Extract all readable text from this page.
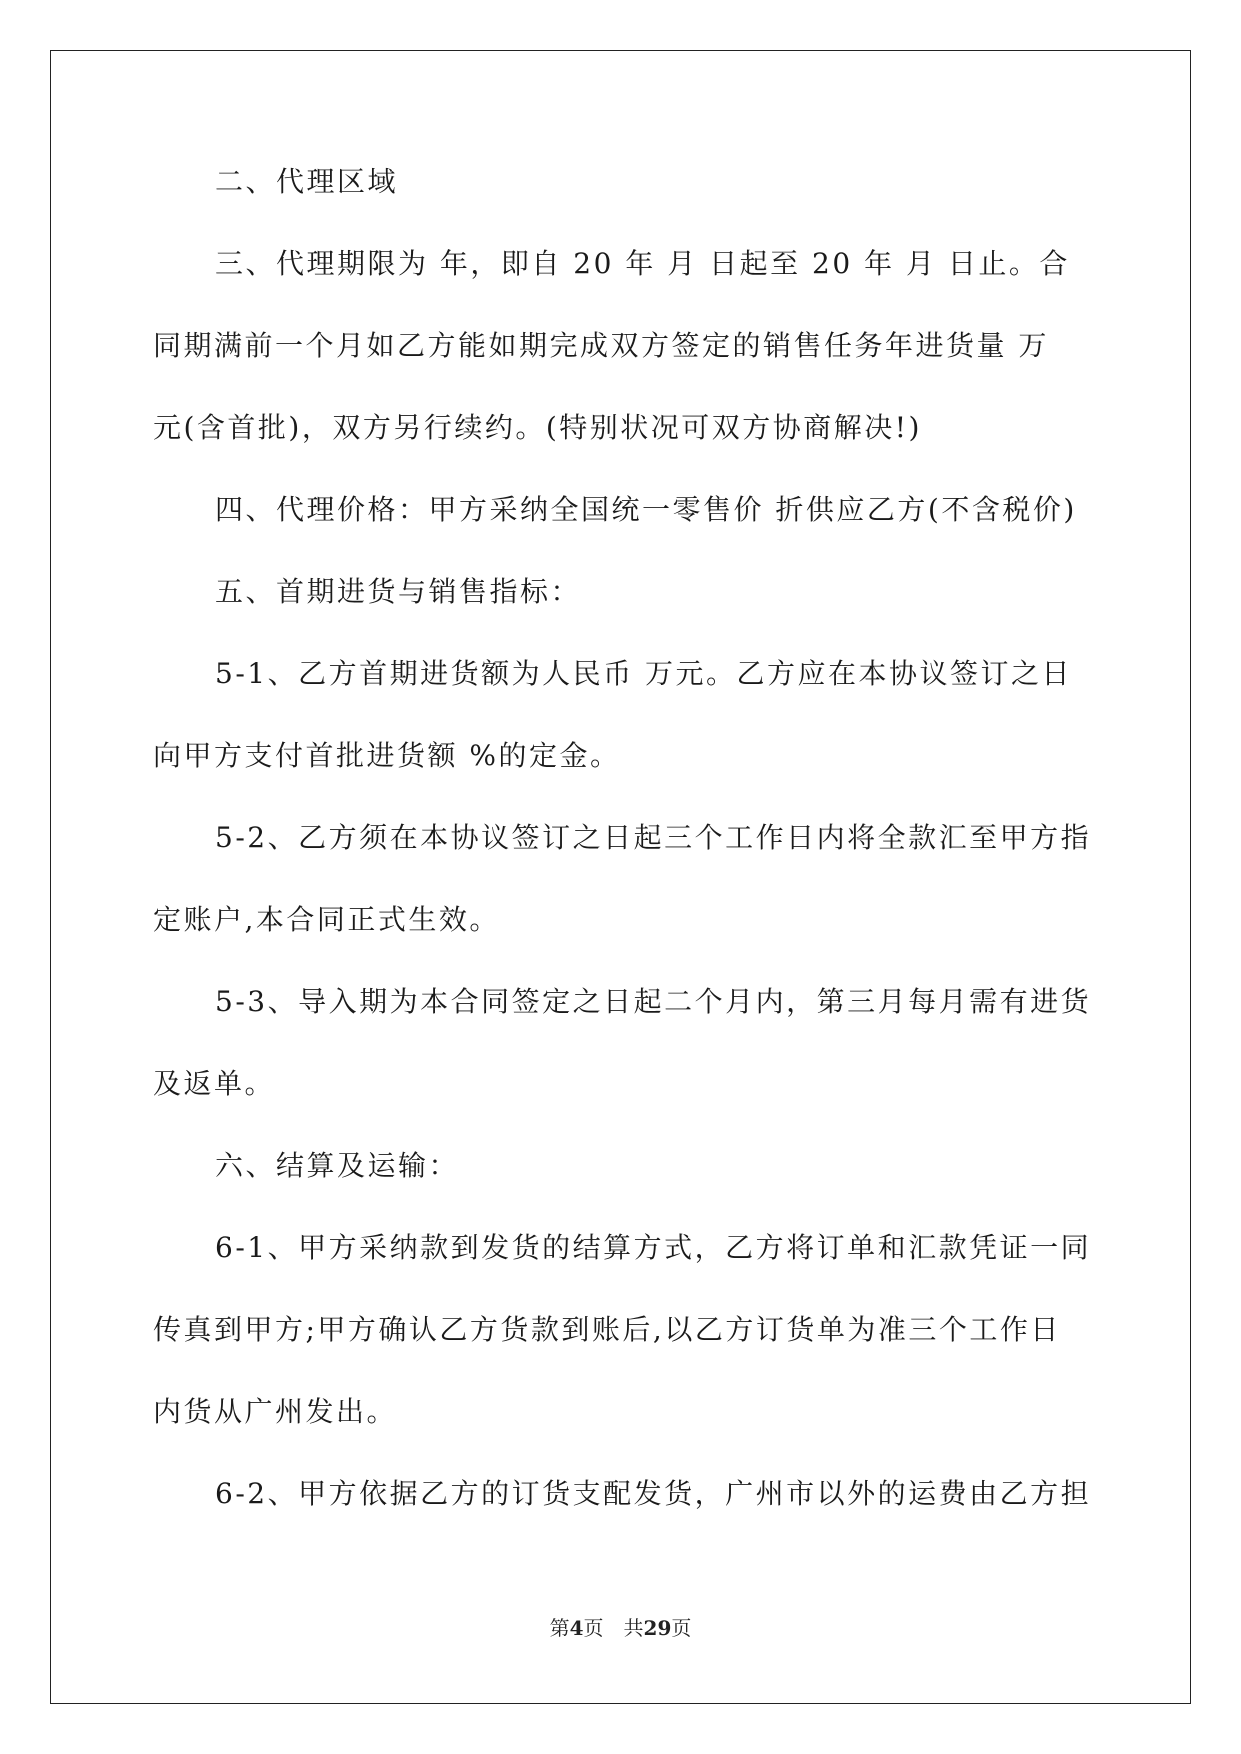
二、代理区域
三、代理期限为 年，即自 20 年 月 日起至 20 年 月 日止。合
同期满前一个月如乙方能如期完成双方签定的销售任务年进货量 万
元(含首批)，双方另行续约。(特别状况可双方协商解决!)
四、代理价格：甲方采纳全国统一零售价 折供应乙方(不含税价)
五、首期进货与销售指标：
5-1、乙方首期进货额为人民币 万元。乙方应在本协议签订之日
向甲方支付首批进货额 %的定金。
5-2、乙方须在本协议签订之日起三个工作日内将全款汇至甲方指
定账户,本合同正式生效。
5-3、导入期为本合同签定之日起二个月内，第三月每月需有进货
及返单。
六、结算及运输：
6-1、甲方采纳款到发货的结算方式，乙方将订单和汇款凭证一同
传真到甲方;甲方确认乙方货款到账后,以乙方订货单为准三个工作日
内货从广州发出。
6-2、甲方依据乙方的订货支配发货，广州市以外的运费由乙方担
第4页　共29页
